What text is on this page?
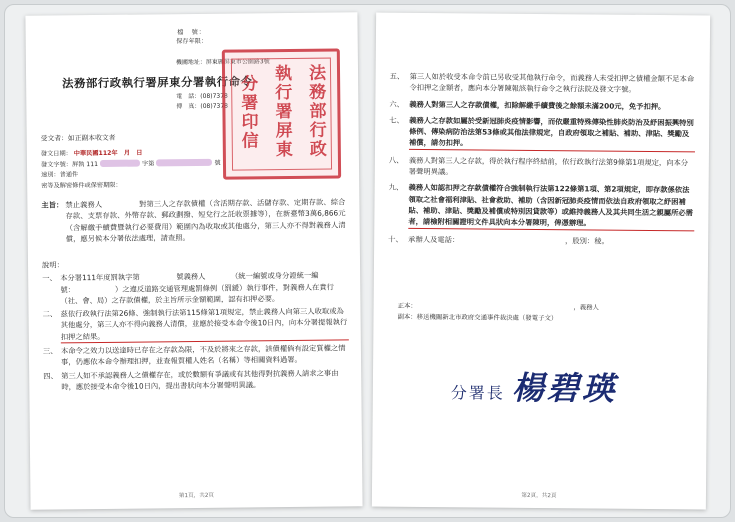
檔　號：
保存年限：
機關地址：屏東縣屏東市公園路3號
法務部行政執行署屏東分署執行命令
電　話：(08)7378
傳　真：(08)7378	法務部行政
執行署屏東
分署印信
受文者：如正副本收文者
發文日期： 中華民國112年　月　日
發文字號：屏執 111	字第	號
速別：普通件
密等及解密條件或保密期限：
主旨： 禁止義務人　　　　　對第三人之存款債權（含活期存款、活儲存款、定期存款、綜合存款、支票存款、外幣存款、郵政劃撥、短兌行之託收票據等），在新臺幣3萬6,866元（含解繳手續費暨執行必要費用）範圍內為收取或其他處分，第三人亦不得對義務人清償，應另候本分署依法處理，請查照。
說明：
一、 本分署111年度罰執字第　　　　　號義務人　　　　（統一編號或身分證統一編號：　　　　　　）之違反道路交通管理處罰條例（罰鍰）執行事件，對義務人在貴行（社、會、局）之存款債權，於主旨所示金額範圍，認有扣押必要。
二、 茲依行政執行法第26條、強制執行法第115條第1項規定，禁止義務人向第三人收取或為其他處分，第三人亦不得向義務人清償，並應於接受本命令後10日內，向本分署提報執行扣押之結果。
三、 本命令之效力以送達時已存在之存款為限，不及於將來之存款，該債權倘有設定質權之情事，仍應依本命令辦理扣押，並查報質權人姓名（名稱）等相關資料過署。
四、 第三人如不承認義務人之債權存在，或於數額有爭議或有其他得對抗義務人請求之事由時，應於接受本命令後10日內，提出書狀向本分署聲明異議。
第1頁，共2頁
五、 第三人如於收受本命令前已另收受其他執行命令，而義務人未受扣押之債權金額不足本命令扣押之金額者，應向本分署陳報該執行命令之執行法院及發文字號。
六、 義務人對第三人之存款債權，扣除解繳手續費後之餘額未滿200元，免予扣押。
七、 義務人之存款如屬於受新冠肺炎疫情影響，而依嚴重特殊傳染性肺炎防治及紓困振興特別條例、傳染病防治法第53條或其他法律規定，自政府領取之補貼、補助、津貼、獎勵及補償，請勿扣押。
八、 義務人對第三人之存款，得於執行程序終結前，依行政執行法第9條第1項規定，向本分署聲明異議。
九、 義務人如認扣押之存款債權符合強制執行法第122條第1項、第2項規定，即存款係依法領取之社會福利津貼、社會救助、補助（含因新冠肺炎疫情而依法自政府領取之紓困補貼、補助、津貼、獎勵及補償或特別因貸款等）或維持義務人及其共同生活之親屬所必需者，請檢附相關證明文件具狀向本分署陳明，俾憑辦理。
十、 承辦人及電話：　　　　　　　　　　　　　　　，股別：稜。
正本：　　　　　　　　　　　　　　　　　　　　　　　　　，義務人
副本：移送機關新北市政府交通事件裁決處（發電子文）
分署長 楊碧瑛
第2頁，共2頁
